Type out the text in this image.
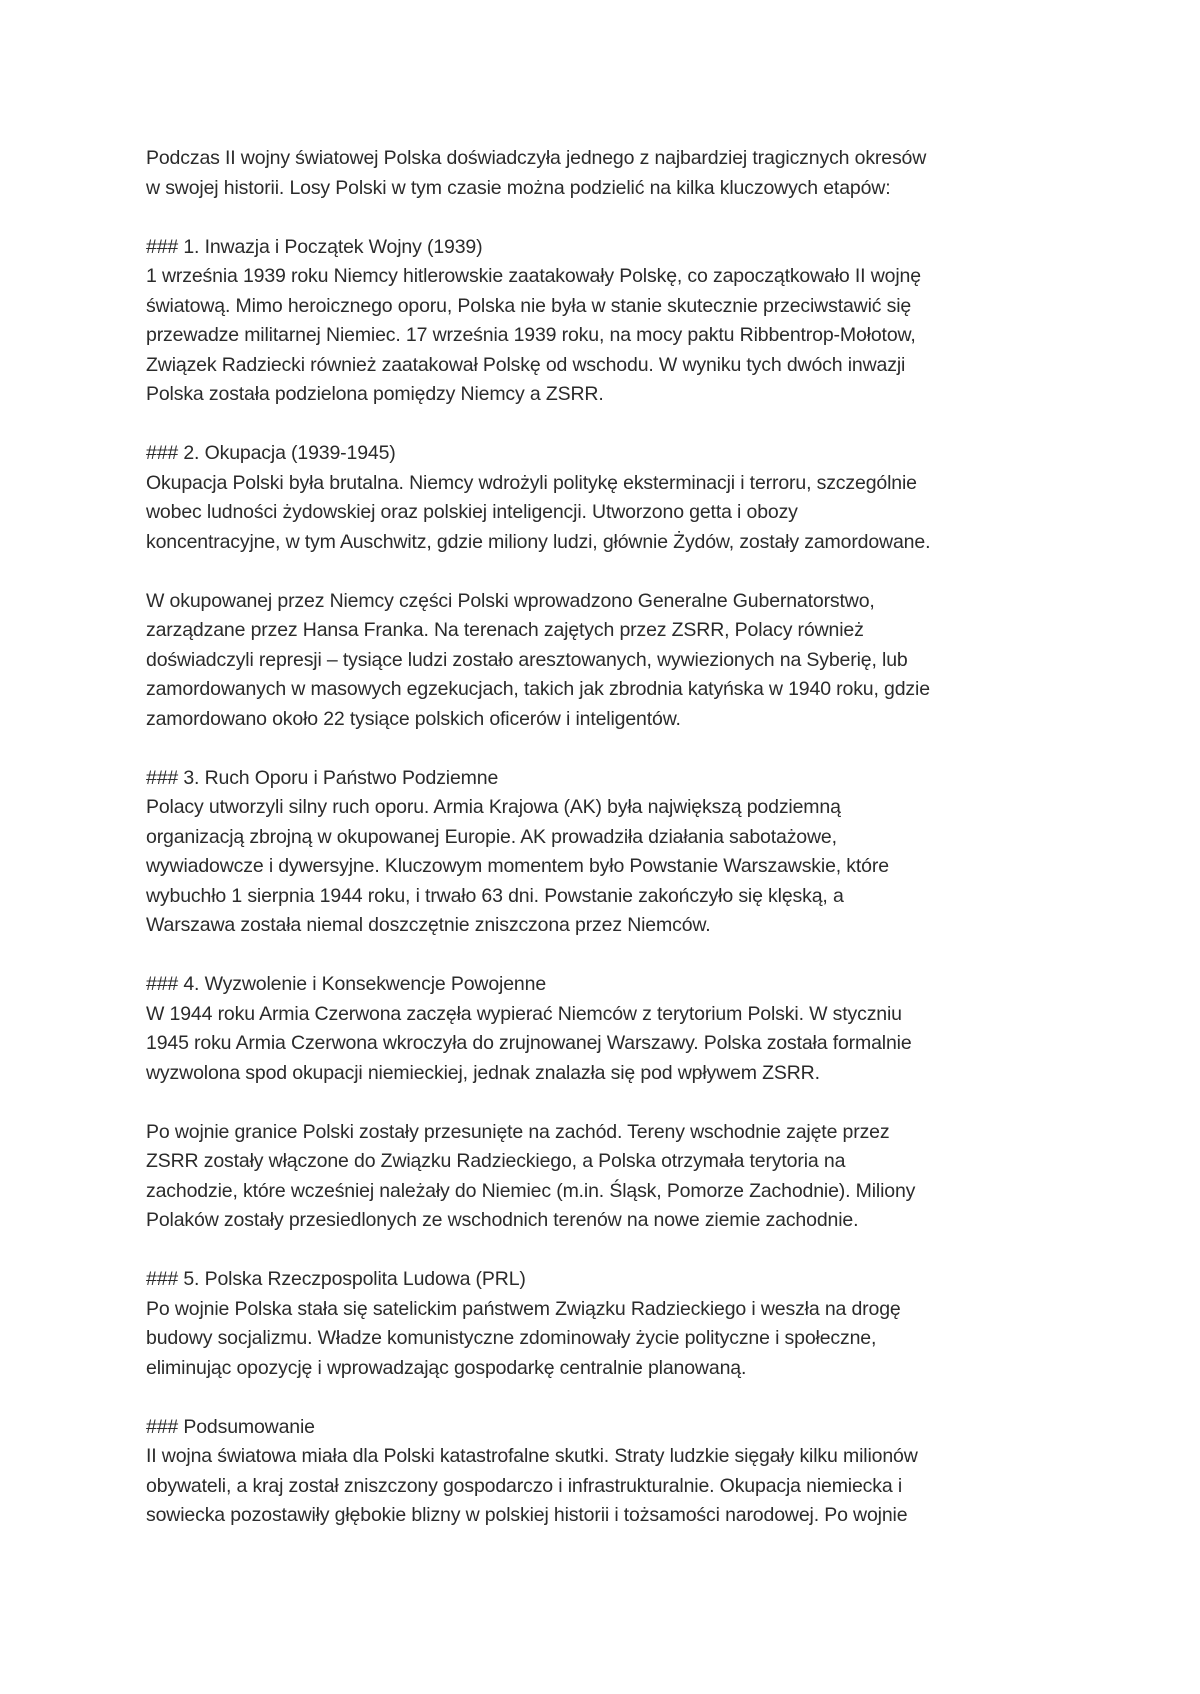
Podczas II wojny światowej Polska doświadczyła jednego z najbardziej tragicznych okresów
w swojej historii. Losy Polski w tym czasie można podzielić na kilka kluczowych etapów:

### 1. Inwazja i Początek Wojny (1939)
1 września 1939 roku Niemcy hitlerowskie zaatakowały Polskę, co zapoczątkowało II wojnę
światową. Mimo heroicznego oporu, Polska nie była w stanie skutecznie przeciwstawić się
przewadze militarnej Niemiec. 17 września 1939 roku, na mocy paktu Ribbentrop-Mołotow,
Związek Radziecki również zaatakował Polskę od wschodu. W wyniku tych dwóch inwazji
Polska została podzielona pomiędzy Niemcy a ZSRR.

### 2. Okupacja (1939-1945)
Okupacja Polski była brutalna. Niemcy wdrożyli politykę eksterminacji i terroru, szczególnie
wobec ludności żydowskiej oraz polskiej inteligencji. Utworzono getta i obozy
koncentracyjne, w tym Auschwitz, gdzie miliony ludzi, głównie Żydów, zostały zamordowane.

W okupowanej przez Niemcy części Polski wprowadzono Generalne Gubernatorstwo,
zarządzane przez Hansa Franka. Na terenach zajętych przez ZSRR, Polacy również
doświadczyli represji – tysiące ludzi zostało aresztowanych, wywiezionych na Syberię, lub
zamordowanych w masowych egzekucjach, takich jak zbrodnia katyńska w 1940 roku, gdzie
zamordowano około 22 tysiące polskich oficerów i inteligentów.

### 3. Ruch Oporu i Państwo Podziemne
Polacy utworzyli silny ruch oporu. Armia Krajowa (AK) była największą podziemną
organizacją zbrojną w okupowanej Europie. AK prowadziła działania sabotażowe,
wywiadowcze i dywersyjne. Kluczowym momentem było Powstanie Warszawskie, które
wybuchło 1 sierpnia 1944 roku, i trwało 63 dni. Powstanie zakończyło się klęską, a
Warszawa została niemal doszczętnie zniszczona przez Niemców.

### 4. Wyzwolenie i Konsekwencje Powojenne
W 1944 roku Armia Czerwona zaczęła wypierać Niemców z terytorium Polski. W styczniu
1945 roku Armia Czerwona wkroczyła do zrujnowanej Warszawy. Polska została formalnie
wyzwolona spod okupacji niemieckiej, jednak znalazła się pod wpływem ZSRR.

Po wojnie granice Polski zostały przesunięte na zachód. Tereny wschodnie zajęte przez
ZSRR zostały włączone do Związku Radzieckiego, a Polska otrzymała terytoria na
zachodzie, które wcześniej należały do Niemiec (m.in. Śląsk, Pomorze Zachodnie). Miliony
Polaków zostały przesiedlonych ze wschodnich terenów na nowe ziemie zachodnie.

### 5. Polska Rzeczpospolita Ludowa (PRL)
Po wojnie Polska stała się satelickim państwem Związku Radzieckiego i weszła na drogę
budowy socjalizmu. Władze komunistyczne zdominowały życie polityczne i społeczne,
eliminując opozycję i wprowadzając gospodarkę centralnie planowaną.

### Podsumowanie
II wojna światowa miała dla Polski katastrofalne skutki. Straty ludzkie sięgały kilku milionów
obywateli, a kraj został zniszczony gospodarczo i infrastrukturalnie. Okupacja niemiecka i
sowiecka pozostawiły głębokie blizny w polskiej historii i tożsamości narodowej. Po wojnie
